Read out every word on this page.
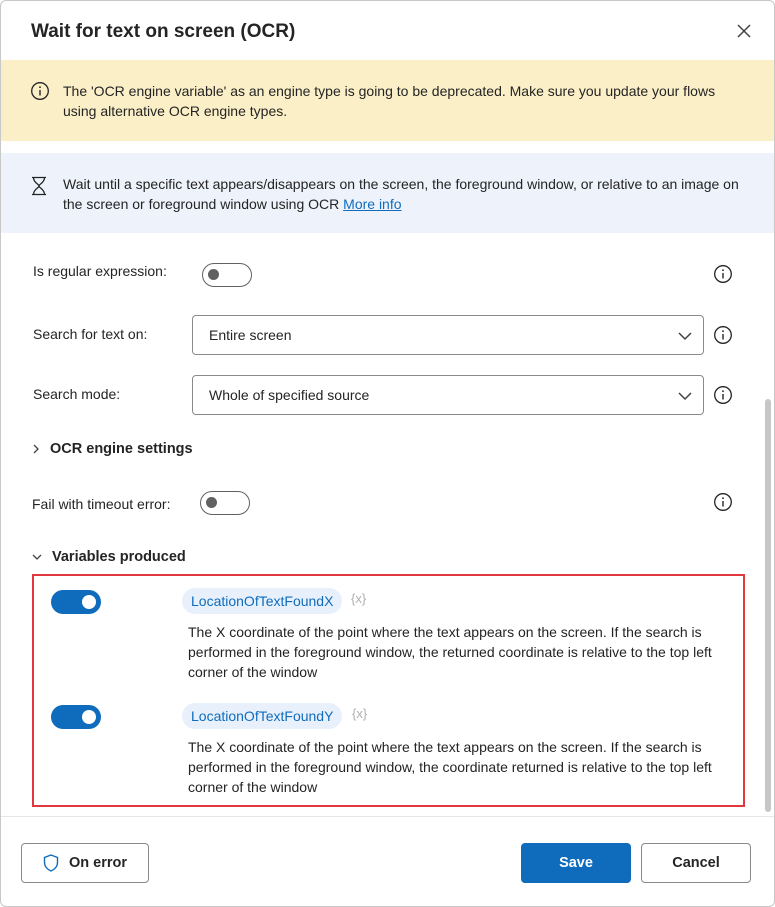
Wait for text on screen (OCR)
The 'OCR engine variable' as an engine type is going to be deprecated. Make sure you update your flows using alternative OCR engine types.
Wait until a specific text appears/disappears on the screen, the foreground window, or relative to an image on the screen or foreground window using OCR More info
Is regular expression:
Search for text on:	Entire screen
Search mode:	Whole of specified source
OCR engine settings
Fail with timeout error:
Variables produced
LocationOfTextFoundX	{x}
The X coordinate of the point where the text appears on the screen. If the search is performed in the foreground window, the returned coordinate is relative to the top left corner of the window
LocationOfTextFoundY	{x}
The X coordinate of the point where the text appears on the screen. If the search is performed in the foreground window, the coordinate returned is relative to the top left corner of the window
On error	Save	Cancel
